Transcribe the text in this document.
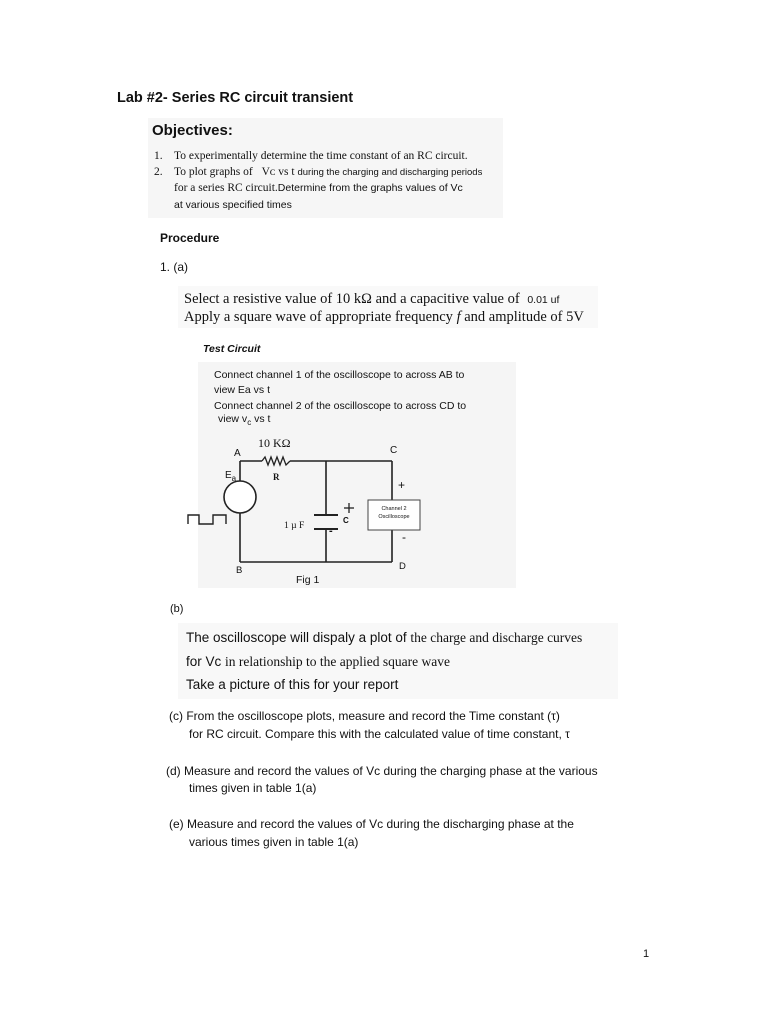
Lab #2- Series RC circuit transient
Objectives:
1. To experimentally determine the time constant of an RC circuit.
2. To plot graphs of Vᴄ vs t during the charging and discharging periods
for a series RC circuit.Determine from the graphs values of Vc
at various specified times
Procedure
1. (a)
Select a resistive value of 10 kΩ and a capacitive value of 0.01 uf
Apply a square wave of appropriate frequency f and amplitude of 5V
Test Circuit
Connect channel 1 of the oscilloscope to across AB to
view Ea vs t
Connect channel 2 of the oscilloscope to across CD to
view $v_c$ vs t
10 KΩ
R
A	C
B	D
$E_a$
1 µ F
C
+
-
-
Channel 2
Oscilloscope
Fig 1
(b)
The oscilloscope will dispaly a plot of the charge and discharge curves
for Vc in relationship to the applied square wave
Take a picture of this for your report
(c) From the oscilloscope plots, measure and record the Time constant (τ)
for RC circuit. Compare this with the calculated value of time constant, τ
(d) Measure and record the values of Vc during the charging phase at the various
times given in table 1(a)
(e) Measure and record the values of Vc during the discharging phase at the
various times given in table 1(a)
1
